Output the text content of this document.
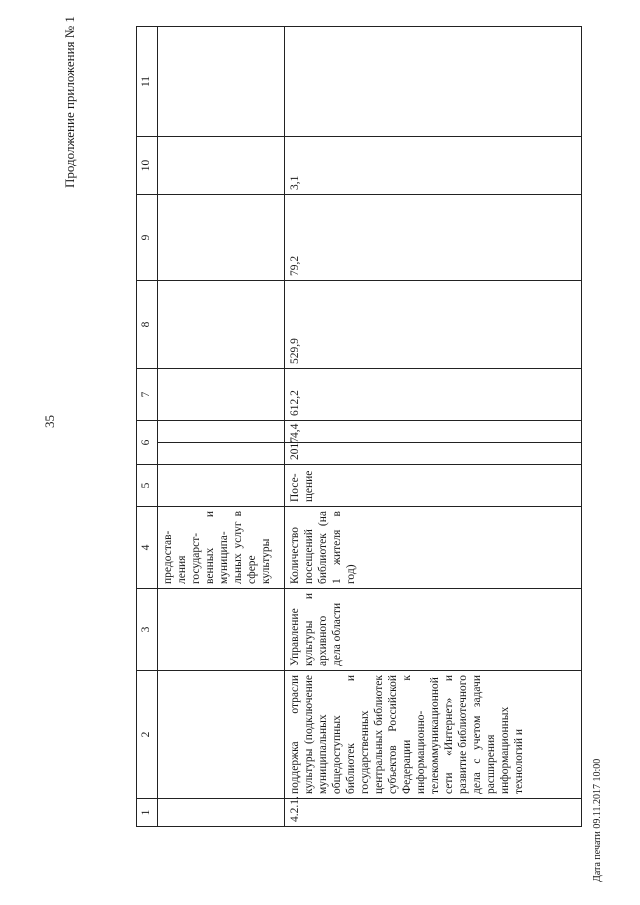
35
Продолжение приложения № 1
Дата печати 09.11.2017 10:00
1	2	3	4	5	6		7	8	9	10	11
			предостав-ления государст-венных и муниципа-льных услуг в сфере культуры								
4.2.1.	поддержка отрасли культуры (подключение муниципальных общедоступных библиотек и государственных центральных библиотек субъектов Российской Федерации к информационно-телекоммуникационной сети «Интернет» и развитие библиотечного дела с учетом задачи расширения информационных технологий и	Управление культуры и архивного дела области	Количество посещений библиотек (на 1 жителя в год)	Посе-щение	2017	4,4	612,2	529,9	79,2	3,1	
